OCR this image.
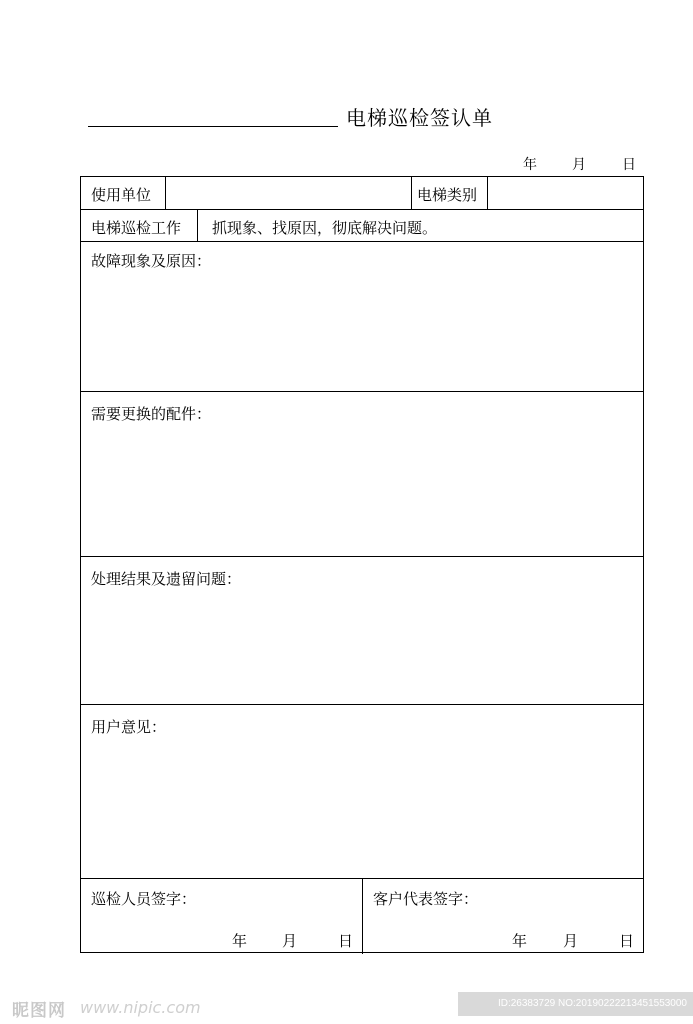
电梯巡检签认单
年	月	日
使用单位	电梯类别
电梯巡检工作 抓现象、找原因，彻底解决问题。
故障现象及原因：
需要更换的配件：
处理结果及遗留问题：
用户意见：
巡检人员签字：
年 月	日
客户代表签字：
年 月	日
昵图网 www.nipic.com	ID:26383729 NO:20190222213451553000
